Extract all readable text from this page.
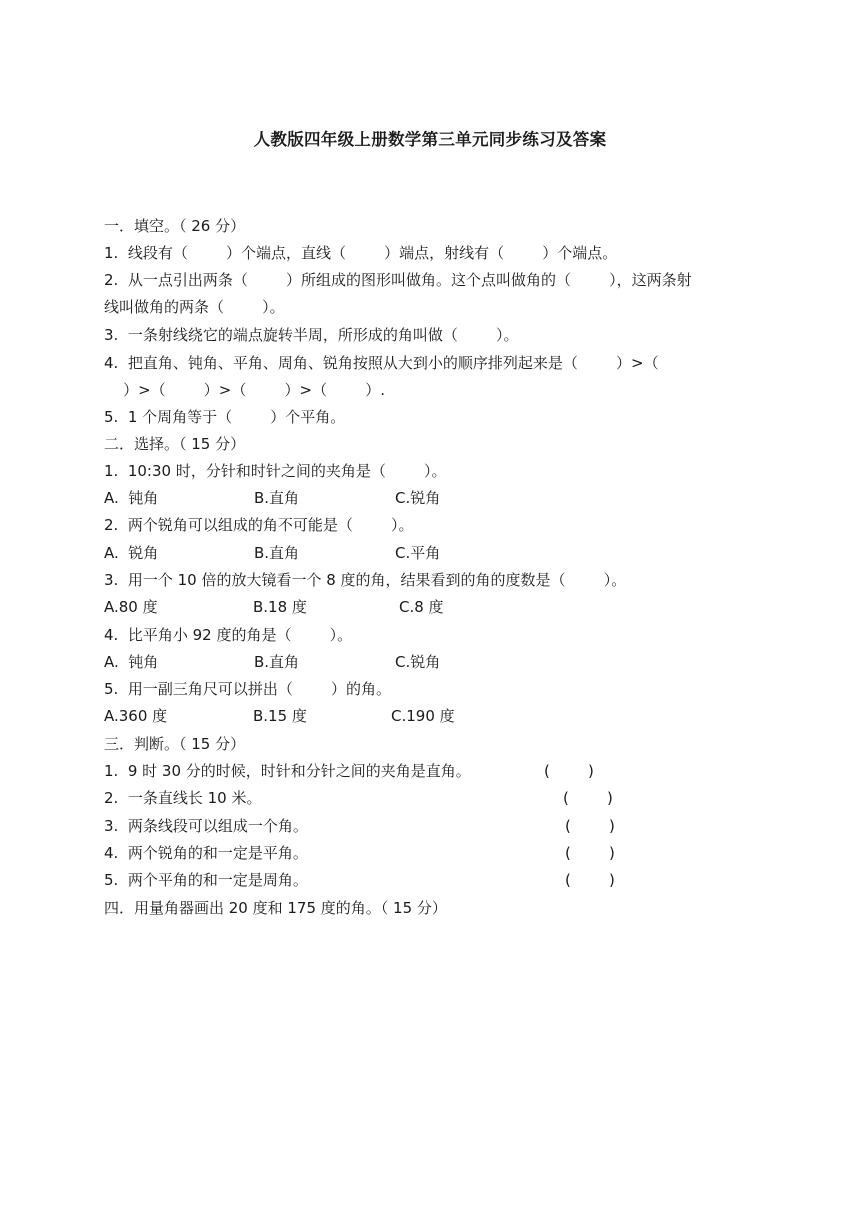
人教版四年级上册数学第三单元同步练习及答案
一．填空。（ 26 分）
1.  线段有（        ）个端点，直线（        ）端点，射线有（        ）个端点。
2.  从一点引出两条（        ）所组成的图形叫做角。这个点叫做角的（        ），这两条射
线叫做角的两条（        ）。
3.  一条射线绕它的端点旋转半周，所形成的角叫做（        ）。
4.  把直角、钝角、平角、周角、锐角按照从大到小的顺序排列起来是（        ）>（
）>（        ）>（        ）>（        ）.
5.  1 个周角等于（        ）个平角。
二．选择。（ 15 分）
1.  10:30 时，分针和时针之间的夹角是（        ）。
A.  钝角	B.直角	C.锐角
2.  两个锐角可以组成的角不可能是（        ）。
A.  锐角	B.直角	C.平角
3.  用一个 10 倍的放大镜看一个 8 度的角，结果看到的角的度数是（        ）。
A.80 度	B.18 度	C.8 度
4.  比平角小 92 度的角是（        ）。
A.  钝角	B.直角	C.锐角
5.  用一副三角尺可以拼出（        ）的角。
A.360 度	B.15 度	C.190 度
三．判断。（ 15 分）
1.  9 时 30 分的时候，时针和分针之间的夹角是直角。	(        )
2.  一条直线长 10 米。	(        )
3.  两条线段可以组成一个角。	(        )
4.  两个锐角的和一定是平角。	(        )
5.  两个平角的和一定是周角。	(        )
四．用量角器画出 20 度和 175 度的角。（ 15 分）
